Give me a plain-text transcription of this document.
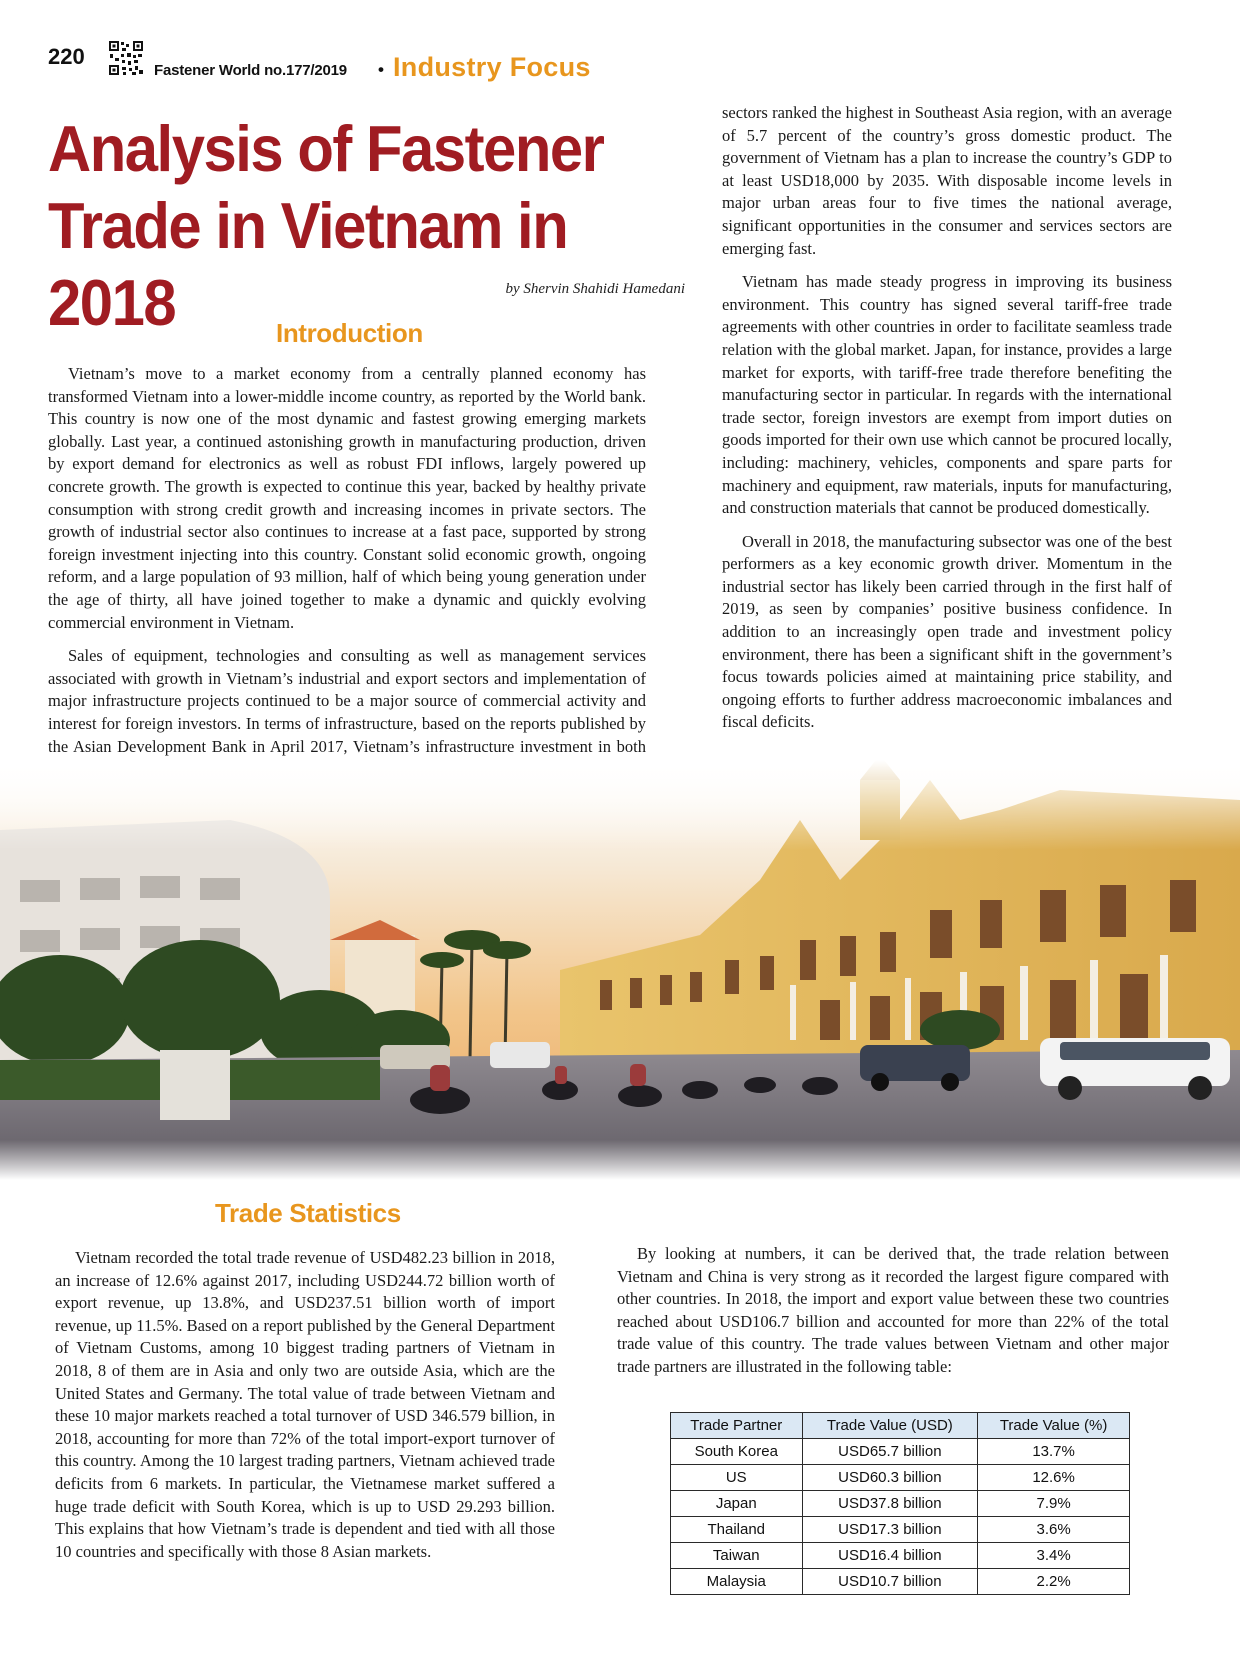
220
Fastener World no.177/2019 • Industry Focus
Analysis of Fastener
Trade in Vietnam in 2018	by Shervin Shahidi Hamedani
Introduction

Vietnam’s move to a market economy from a centrally planned economy has transformed Vietnam into a lower-middle income country, as reported by the World bank. This country is now one of the most dynamic and fastest growing emerging markets globally. Last year, a continued astonishing growth in manufacturing production, driven by export demand for electronics as well as robust FDI inflows, largely powered up concrete growth. The growth is expected to continue this year, backed by healthy private consumption with strong credit growth and increasing incomes in private sectors. The growth of industrial sector also continues to increase at a fast pace, supported by strong foreign investment injecting into this country. Constant solid economic growth, ongoing reform, and a large population of 93 million, half of which being young generation under the age of thirty, all have joined together to make a dynamic and quickly evolving commercial environment in Vietnam.

Sales of equipment, technologies and consulting as well as management services associated with growth in Vietnam’s industrial and export sectors and implementation of major infrastructure projects continued to be a major source of commercial activity and interest for foreign investors. In terms of infrastructure, based on the reports published by the Asian Development Bank in April 2017, Vietnam’s infrastructure investment in both

sectors ranked the highest in Southeast Asia region, with an average of 5.7 percent of the country’s gross domestic product. The government of Vietnam has a plan to increase the country’s GDP to at least USD18,000 by 2035. With disposable income levels in major urban areas four to five times the national average, significant opportunities in the consumer and services sectors are emerging fast.

Vietnam has made steady progress in improving its business environment. This country has signed several tariff-free trade agreements with other countries in order to facilitate seamless trade relation with the global market. Japan, for instance, provides a large market for exports, with tariff-free trade therefore benefiting the manufacturing sector in particular. In regards with the international trade sector, foreign investors are exempt from import duties on goods imported for their own use which cannot be procured locally, including: machinery, vehicles, components and spare parts for machinery and equipment, raw materials, inputs for manufacturing, and construction materials that cannot be produced domestically.

Overall in 2018, the manufacturing subsector was one of the best performers as a key economic growth driver. Momentum in the industrial sector has likely been carried through in the first half of 2019, as seen by companies’ positive business confidence. In addition to an increasingly open trade and investment policy environment, there has been a significant shift in the government’s focus towards policies aimed at maintaining price stability, and ongoing efforts to further address macroeconomic imbalances and fiscal deficits.

Trade Statistics

Vietnam recorded the total trade revenue of USD482.23 billion in 2018, an increase of 12.6% against 2017, including USD244.72 billion worth of export revenue, up 13.8%, and USD237.51 billion worth of import revenue, up 11.5%. Based on a report published by the General Department of Vietnam Customs, among 10 biggest trading partners of Vietnam in 2018, 8 of them are in Asia and only two are outside Asia, which are the United States and Germany. The total value of trade between Vietnam and these 10 major markets reached a total turnover of USD 346.579 billion, in 2018, accounting for more than 72% of the total import-export turnover of this country. Among the 10 largest trading partners, Vietnam achieved trade deficits from 6 markets. In particular, the Vietnamese market suffered a huge trade deficit with South Korea, which is up to USD 29.293 billion. This explains that how Vietnam’s trade is dependent and tied with all those 10 countries and specifically with those 8 Asian markets.

By looking at numbers, it can be derived that, the trade relation between Vietnam and China is very strong as it recorded the largest figure compared with other countries. In 2018, the import and export value between these two countries reached about USD106.7 billion and accounted for more than 22% of the total trade value of this country. The trade values between Vietnam and other major trade partners are illustrated in the following table:

Trade Partner	Trade Value (USD)	Trade Value (%)
South Korea	USD65.7 billion	13.7%
US	USD60.3 billion	12.6%
Japan	USD37.8 billion	7.9%
Thailand	USD17.3 billion	3.6%
Taiwan	USD16.4 billion	3.4%
Malaysia	USD10.7 billion	2.2%
